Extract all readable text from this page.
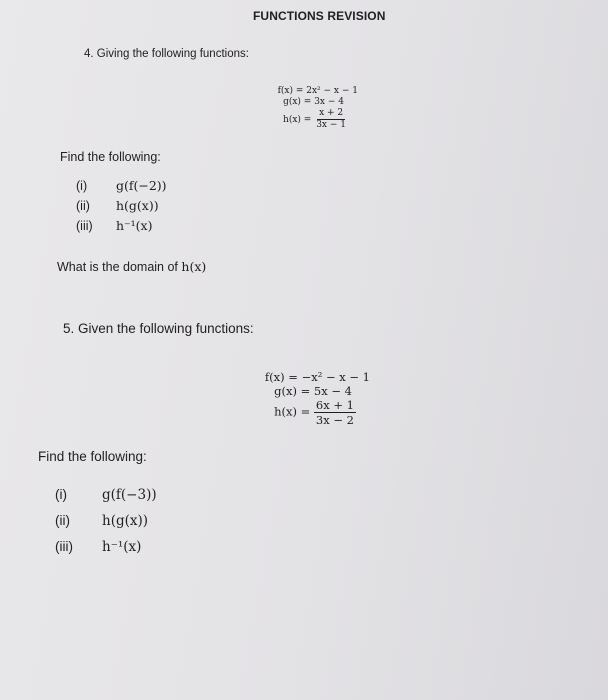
FUNCTIONS REVISION
4. Giving the following functions:
f(x) = 2x² − x − 1
g(x) = 3x − 4
$h(x) = \frac{x + 2}{3x - 1}$
Find the following:
(i)	g(f(−2))
(ii)	h(g(x))
(iii)	h⁻¹(x)
What is the domain of h(x)
5. Given the following functions:
f(x) = −x² − x − 1
g(x) = 5x − 4
$h(x) = \frac{6x + 1}{3x - 2}$
Find the following:
(i)	g(f(−3))
(ii)	h(g(x))
(iii)	h⁻¹(x)
